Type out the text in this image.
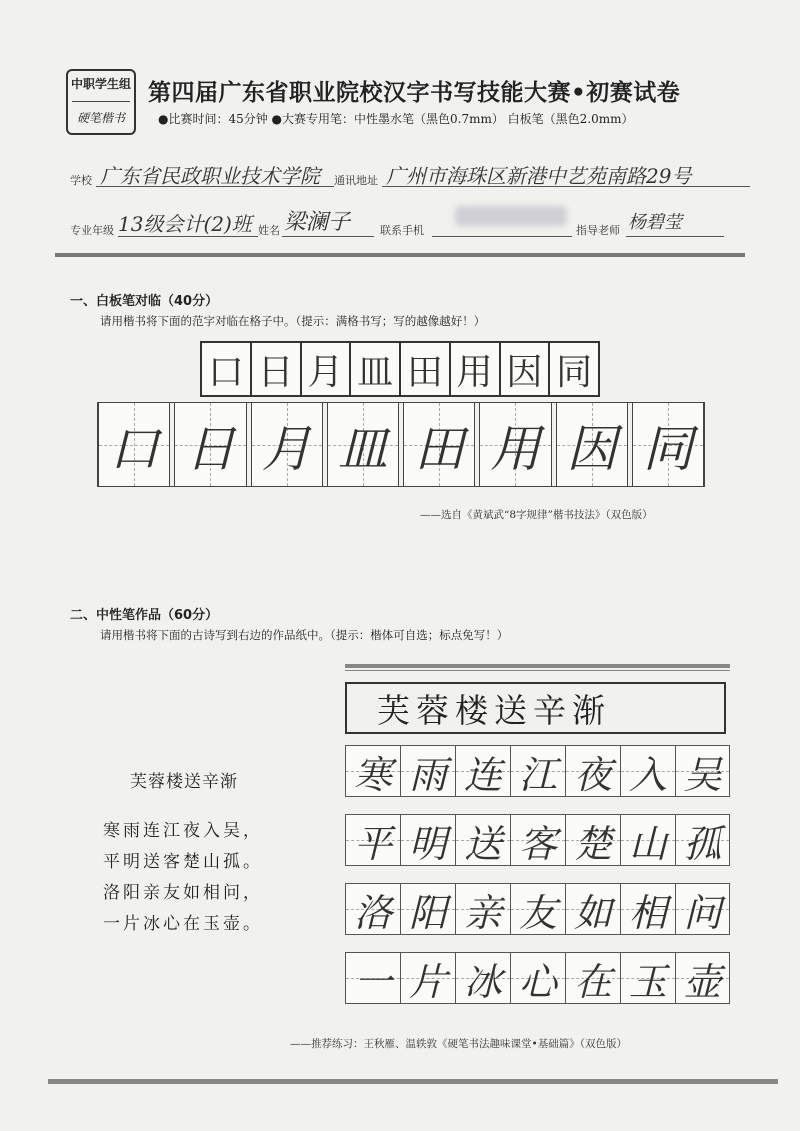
中职学生组
硬笔楷书
第四届广东省职业院校汉字书写技能大赛•初赛试卷
●比赛时间：45分钟 ●大赛专用笔：中性墨水笔（黑色0.7mm） 白板笔（黑色2.0mm）
学校 广东省民政职业技术学院 通讯地址 广州市海珠区新港中艺苑南路29号
专业年级 13级会计(2)班 姓名 梁澜子	联系手机	指导老师 杨碧莹
一、白板笔对临（40分）
请用楷书将下面的范字对临在格子中。（提示：满格书写；写的越像越好！）
口 日 月 皿 田 用 因 同
口 日 月 皿 田 用 因 同
——选自《黄斌武“8字规律”楷书技法》（双色版）
二、中性笔作品（60分）
请用楷书将下面的古诗写到右边的作品纸中。（提示：楷体可自选；标点免写！）
芙蓉楼送辛渐
寒雨连江夜入吴，
平明送客楚山孤。
洛阳亲友如相问，
一片冰心在玉壶。
芙蓉楼送辛渐
寒 雨 连 江 夜 入 吴
平 明 送 客 楚 山 孤
洛 阳 亲 友 如 相 问
一 片 冰 心 在 玉 壶
——推荐练习：王秋雁、温轶敦《硬笔书法趣味课堂•基础篇》（双色版）
